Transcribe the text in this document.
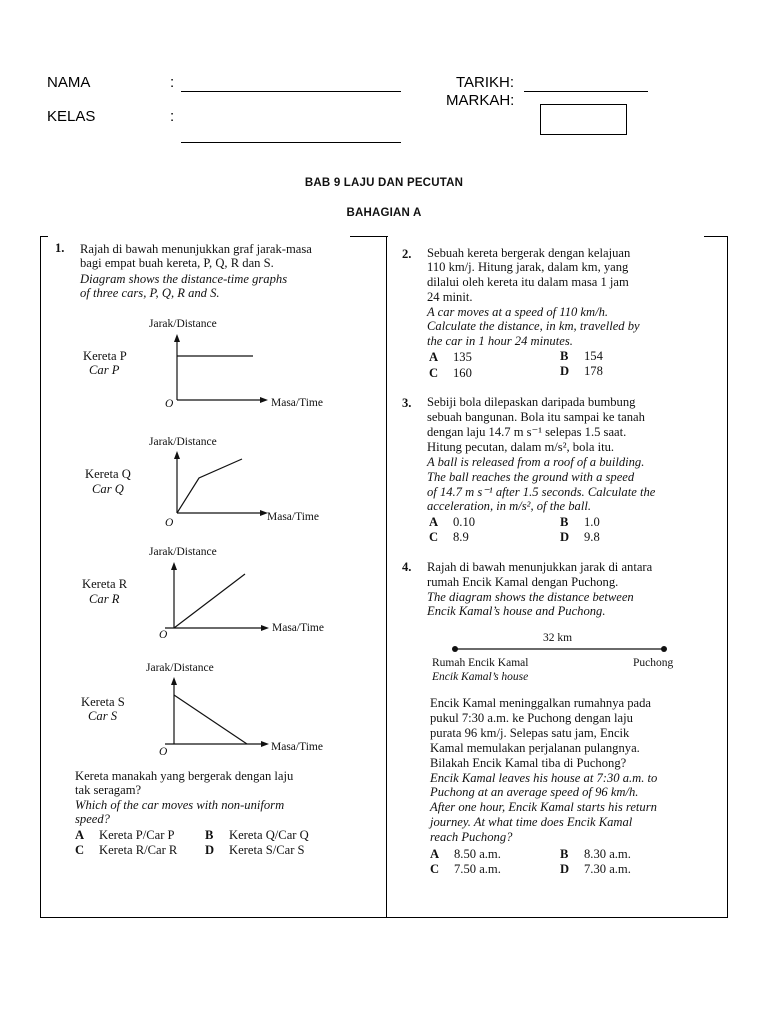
NAMA	:
KELAS	:
TARIKH:
MARKAH:
BAB 9 LAJU DAN PECUTAN
BAHAGIAN A
1. Rajah di bawah menunjukkan graf jarak-masa
bagi empat buah kereta, P, Q, R dan S.
Diagram shows the distance-time graphs
of three cars, P, Q, R and S.
Jarak/Distance
Kereta P
Car P
O	Masa/Time
Jarak/Distance
Kereta Q
Car Q
O	Masa/Time
Jarak/Distance
Kereta R
Car R
O
Masa/Time
Jarak/Distance
Kereta S
Car S
O	Masa/Time
Kereta manakah yang bergerak dengan laju
tak seragam?
Which of the car moves with non-uniform
speed?
A Kereta P/Car P B Kereta Q/Car Q
C Kereta R/Car R D Kereta S/Car S
2. Sebuah kereta bergerak dengan kelajuan
110 km/j. Hitung jarak, dalam km, yang
dilalui oleh kereta itu dalam masa 1 jam
24 minit.
A car moves at a speed of 110 km/h.
Calculate the distance, in km, travelled by
the car in 1 hour 24 minutes.
A 135	B 154
C 160	D 178
3. Sebiji bola dilepaskan daripada bumbung
sebuah bangunan. Bola itu sampai ke tanah
dengan laju 14.7 m s⁻¹ selepas 1.5 saat.
Hitung pecutan, dalam m/s², bola itu.
A ball is released from a roof of a building.
The ball reaches the ground with a speed
of 14.7 m s⁻¹ after 1.5 seconds. Calculate the
acceleration, in m/s², of the ball.
A 0.10	B 1.0
C 8.9	D 9.8
4. Rajah di bawah menunjukkan jarak di antara
rumah Encik Kamal dengan Puchong.
The diagram shows the distance between
Encik Kamal’s house and Puchong.
32 km
Rumah Encik Kamal
Encik Kamal’s house
Puchong
Encik Kamal meninggalkan rumahnya pada
pukul 7:30 a.m. ke Puchong dengan laju
purata 96 km/j. Selepas satu jam, Encik
Kamal memulakan perjalanan pulangnya.
Bilakah Encik Kamal tiba di Puchong?
Encik Kamal leaves his house at 7:30 a.m. to
Puchong at an average speed of 96 km/h.
After one hour, Encik Kamal starts his return
journey. At what time does Encik Kamal
reach Puchong?
A 8.50 a.m.	B 8.30 a.m.
C 7.50 a.m.	D 7.30 a.m.
